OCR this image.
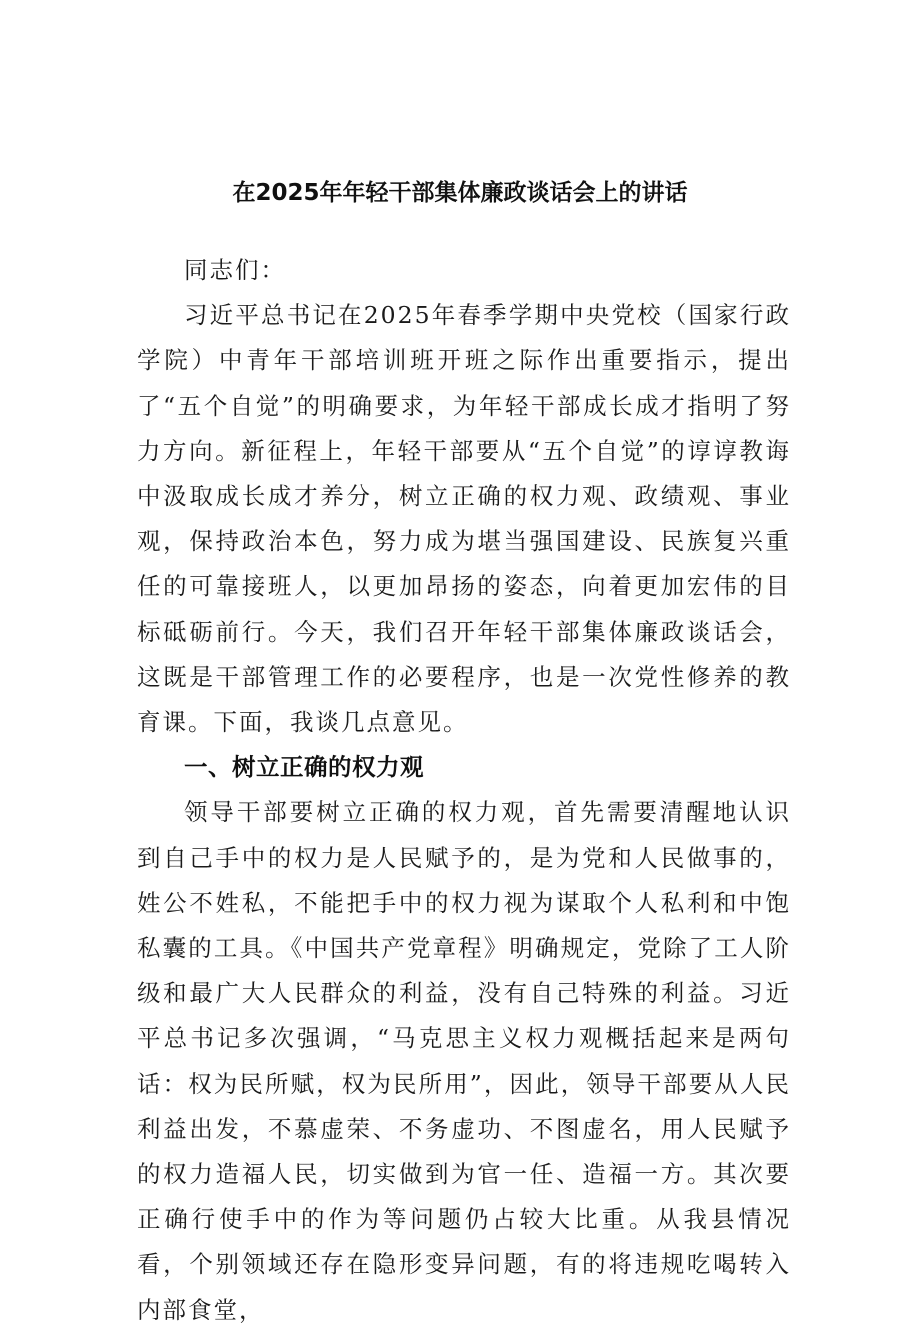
在2025年年轻干部集体廉政谈话会上的讲话

同志们：

习近平总书记在2025年春季学期中央党校（国家行政学院）中青年干部培训班开班之际作出重要指示，提出了“五个自觉”的明确要求，为年轻干部成长成才指明了努力方向。新征程上，年轻干部要从“五个自觉”的谆谆教诲中汲取成长成才养分，树立正确的权力观、政绩观、事业观，保持政治本色，努力成为堪当强国建设、民族复兴重任的可靠接班人，以更加昂扬的姿态，向着更加宏伟的目标砥砺前行。今天，我们召开年轻干部集体廉政谈话会，这既是干部管理工作的必要程序，也是一次党性修养的教育课。下面，我谈几点意见。

一、树立正确的权力观

领导干部要树立正确的权力观，首先需要清醒地认识到自己手中的权力是人民赋予的，是为党和人民做事的，姓公不姓私，不能把手中的权力视为谋取个人私利和中饱私囊的工具。《中国共产党章程》明确规定，党除了工人阶级和最广大人民群众的利益，没有自己特殊的利益。习近平总书记多次强调，“马克思主义权力观概括起来是两句话：权为民所赋，权为民所用”，因此，领导干部要从人民利益出发，不慕虚荣、不务虚功、不图虚名，用人民赋予的权力造福人民，切实做到为官一任、造福一方。其次要正确行使手中的作为等问题仍占较大比重。从我县情况看，个别领域还存在隐形变异问题，有的将违规吃喝转入内部食堂，
